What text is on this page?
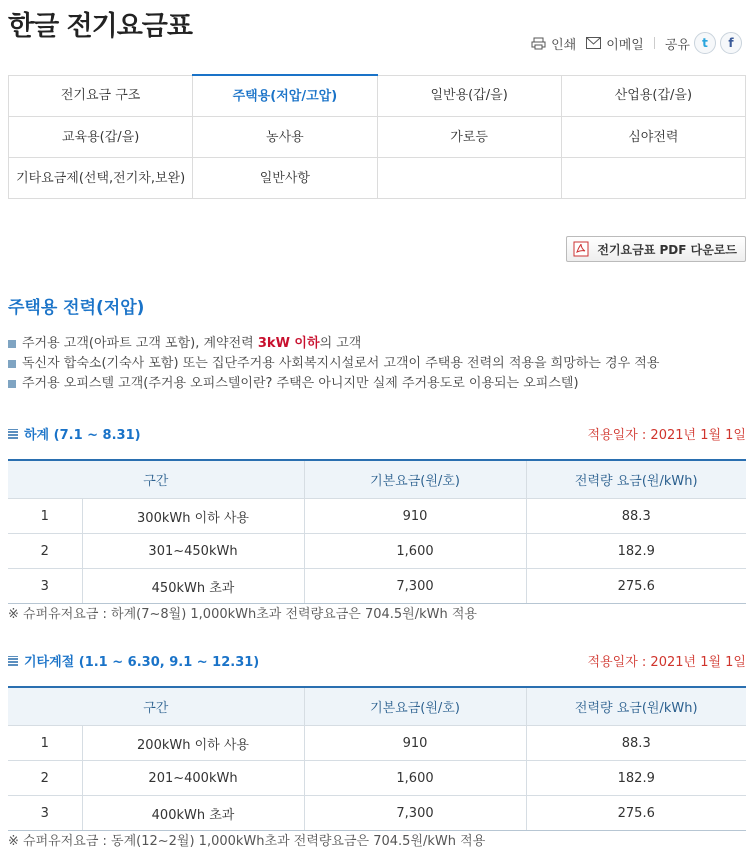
한글 전기요금표
인쇄 이메일 공유	t	f
전기요금 구조	주택용(저압/고압)	일반용(갑/을)	산업용(갑/을)
교육용(갑/을)	농사용	가로등	심야전력
기타요금제(선택,전기차,보완)	일반사항		
전기요금표 PDF 다운로드
주택용 전력(저압)
주거용 고객(아파트 고객 포함), 계약전력 3kW 이하의 고객
독신자 합숙소(기숙사 포함) 또는 집단주거용 사회복지시설로서 고객이 주택용 전력의 적용을 희망하는 경우 적용
주거용 오피스텔 고객(주거용 오피스텔이란? 주택은 아니지만 실제 주거용도로 이용되는 오피스텔)
하계 (7.1 ~ 8.31)	적용일자 : 2021년 1월 1일
구간		기본요금(원/호)	전력량 요금(원/kWh)
1	300kWh 이하 사용	910	88.3
2	301~450kWh	1,600	182.9
3	450kWh 초과	7,300	275.6
※ 슈퍼유저요금 : 하계(7~8월) 1,000kWh초과 전력량요금은 704.5원/kWh 적용
기타계절 (1.1 ~ 6.30, 9.1 ~ 12.31)	적용일자 : 2021년 1월 1일
구간		기본요금(원/호)	전력량 요금(원/kWh)
1	200kWh 이하 사용	910	88.3
2	201~400kWh	1,600	182.9
3	400kWh 초과	7,300	275.6
※ 슈퍼유저요금 : 동계(12~2월) 1,000kWh초과 전력량요금은 704.5원/kWh 적용
